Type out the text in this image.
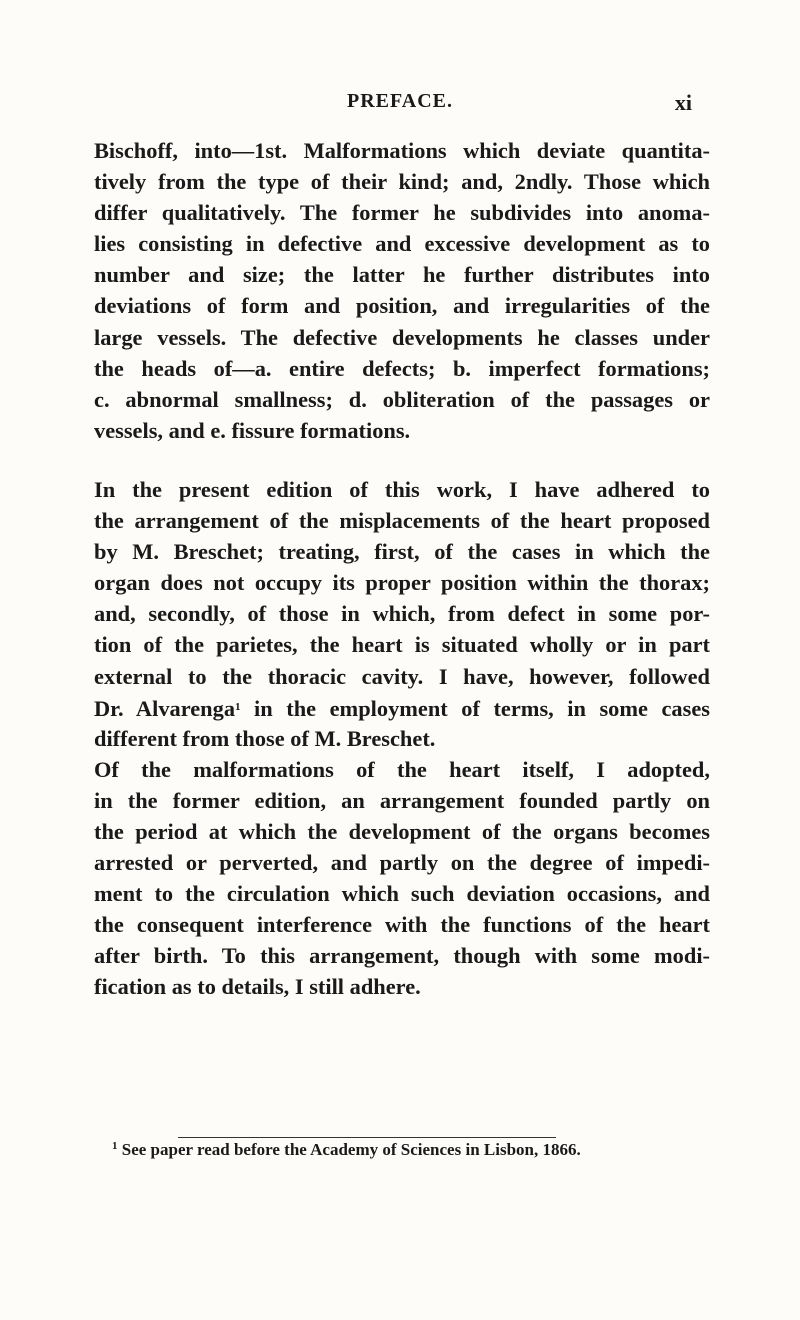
PREFACE.	xi
Bischoff, into—1st. Malformations which deviate quantita-
tively from the type of their kind; and, 2ndly. Those which
differ qualitatively. The former he subdivides into anoma-
lies consisting in defective and excessive development as to
number and size; the latter he further distributes into
deviations of form and position, and irregularities of the
large vessels. The defective developments he classes under
the heads of—a. entire defects; b. imperfect formations;
c. abnormal smallness; d. obliteration of the passages or
vessels, and e. fissure formations.
In the present edition of this work, I have adhered to
the arrangement of the misplacements of the heart proposed
by M. Breschet; treating, first, of the cases in which the
organ does not occupy its proper position within the thorax;
and, secondly, of those in which, from defect in some por-
tion of the parietes, the heart is situated wholly or in part
external to the thoracic cavity. I have, however, followed
Dr. Alvarenga$^1$ in the employment of terms, in some cases
different from those of M. Breschet.
Of the malformations of the heart itself, I adopted,
in the former edition, an arrangement founded partly on
the period at which the development of the organs becomes
arrested or perverted, and partly on the degree of impedi-
ment to the circulation which such deviation occasions, and
the consequent interference with the functions of the heart
after birth. To this arrangement, though with some modi-
fication as to details, I still adhere.
$^1$ See paper read before the Academy of Sciences in Lisbon, 1866.
